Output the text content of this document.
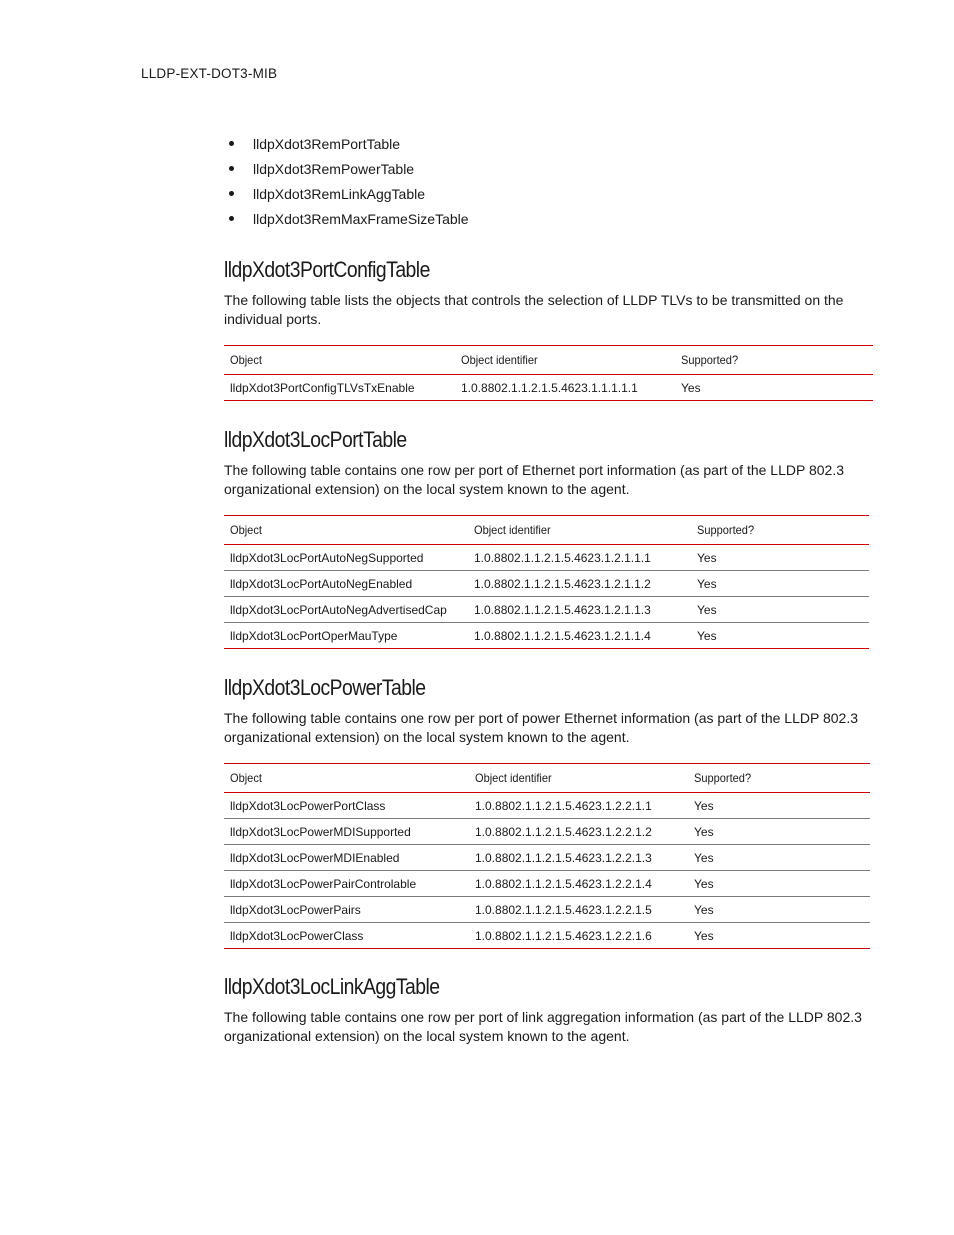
LLDP-EXT-DOT3-MIB
lldpXdot3RemPortTable
lldpXdot3RemPowerTable
lldpXdot3RemLinkAggTable
lldpXdot3RemMaxFrameSizeTable
lldpXdot3PortConfigTable

The following table lists the objects that controls the selection of LLDP TLVs to be transmitted on the individual ports.

Object	Object identifier	Supported?
lldpXdot3PortConfigTLVsTxEnable	1.0.8802.1.1.2.1.5.4623.1.1.1.1.1	Yes
lldpXdot3LocPortTable

The following table contains one row per port of Ethernet port information (as part of the LLDP 802.3 organizational extension) on the local system known to the agent.

Object	Object identifier	Supported?
lldpXdot3LocPortAutoNegSupported	1.0.8802.1.1.2.1.5.4623.1.2.1.1.1	Yes
lldpXdot3LocPortAutoNegEnabled	1.0.8802.1.1.2.1.5.4623.1.2.1.1.2	Yes
lldpXdot3LocPortAutoNegAdvertisedCap	1.0.8802.1.1.2.1.5.4623.1.2.1.1.3	Yes
lldpXdot3LocPortOperMauType	1.0.8802.1.1.2.1.5.4623.1.2.1.1.4	Yes
lldpXdot3LocPowerTable

The following table contains one row per port of power Ethernet information (as part of the LLDP 802.3 organizational extension) on the local system known to the agent.

Object	Object identifier	Supported?
lldpXdot3LocPowerPortClass	1.0.8802.1.1.2.1.5.4623.1.2.2.1.1	Yes
lldpXdot3LocPowerMDISupported	1.0.8802.1.1.2.1.5.4623.1.2.2.1.2	Yes
lldpXdot3LocPowerMDIEnabled	1.0.8802.1.1.2.1.5.4623.1.2.2.1.3	Yes
lldpXdot3LocPowerPairControlable	1.0.8802.1.1.2.1.5.4623.1.2.2.1.4	Yes
lldpXdot3LocPowerPairs	1.0.8802.1.1.2.1.5.4623.1.2.2.1.5	Yes
lldpXdot3LocPowerClass	1.0.8802.1.1.2.1.5.4623.1.2.2.1.6	Yes
lldpXdot3LocLinkAggTable

The following table contains one row per port of link aggregation information (as part of the LLDP 802.3 organizational extension) on the local system known to the agent.
